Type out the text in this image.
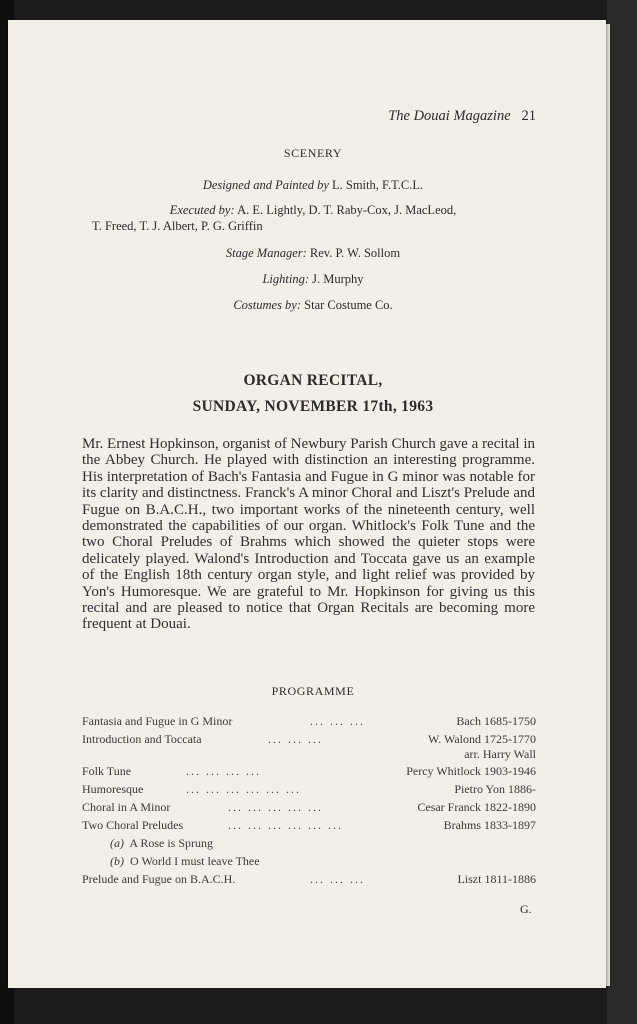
The Douai Magazine 21
SCENERY
Designed and Painted by L. Smith, F.T.C.L.
Executed by: A. E. Lightly, D. T. Raby-Cox, J. MacLeod,
T. Freed, T. J. Albert, P. G. Griffin
Stage Manager: Rev. P. W. Sollom
Lighting: J. Murphy
Costumes by: Star Costume Co.
ORGAN RECITAL,
SUNDAY, NOVEMBER 17th, 1963
Mr. Ernest Hopkinson, organist of Newbury Parish Church gave a recital in the Abbey Church. He played with distinction an interesting programme. His interpretation of Bach's Fantasia and Fugue in G minor was notable for its clarity and distinctness. Franck's A minor Choral and Liszt's Prelude and Fugue on B.A.C.H., two important works of the nineteenth century, well demonstrated the capabilities of our organ. Whitlock's Folk Tune and the two Choral Preludes of Brahms which showed the quieter stops were delicately played. Walond's Introduction and Toccata gave us an example of the English 18th century organ style, and light relief was provided by Yon's Humoresque. We are grateful to Mr. Hopkinson for giving us this recital and are pleased to notice that Organ Recitals are becoming more frequent at Douai.
PROGRAMME
Fantasia and Fugue in G Minor	... ... ...	Bach 1685-1750
Introduction and Toccata	... ... ...	W. Walond 1725-1770
arr. Harry Wall
Folk Tune	... ... ... ...	Percy Whitlock 1903-1946
Humoresque	... ... ... ... ... ...	Pietro Yon 1886-
Choral in A Minor	... ... ... ... ...	Cesar Franck 1822-1890
Two Choral Preludes	... ... ... ... ... ...	Brahms 1833-1897
(a) A Rose is Sprung
(b) O World I must leave Thee
Prelude and Fugue on B.A.C.H.	... ... ...	Liszt 1811-1886
G.
